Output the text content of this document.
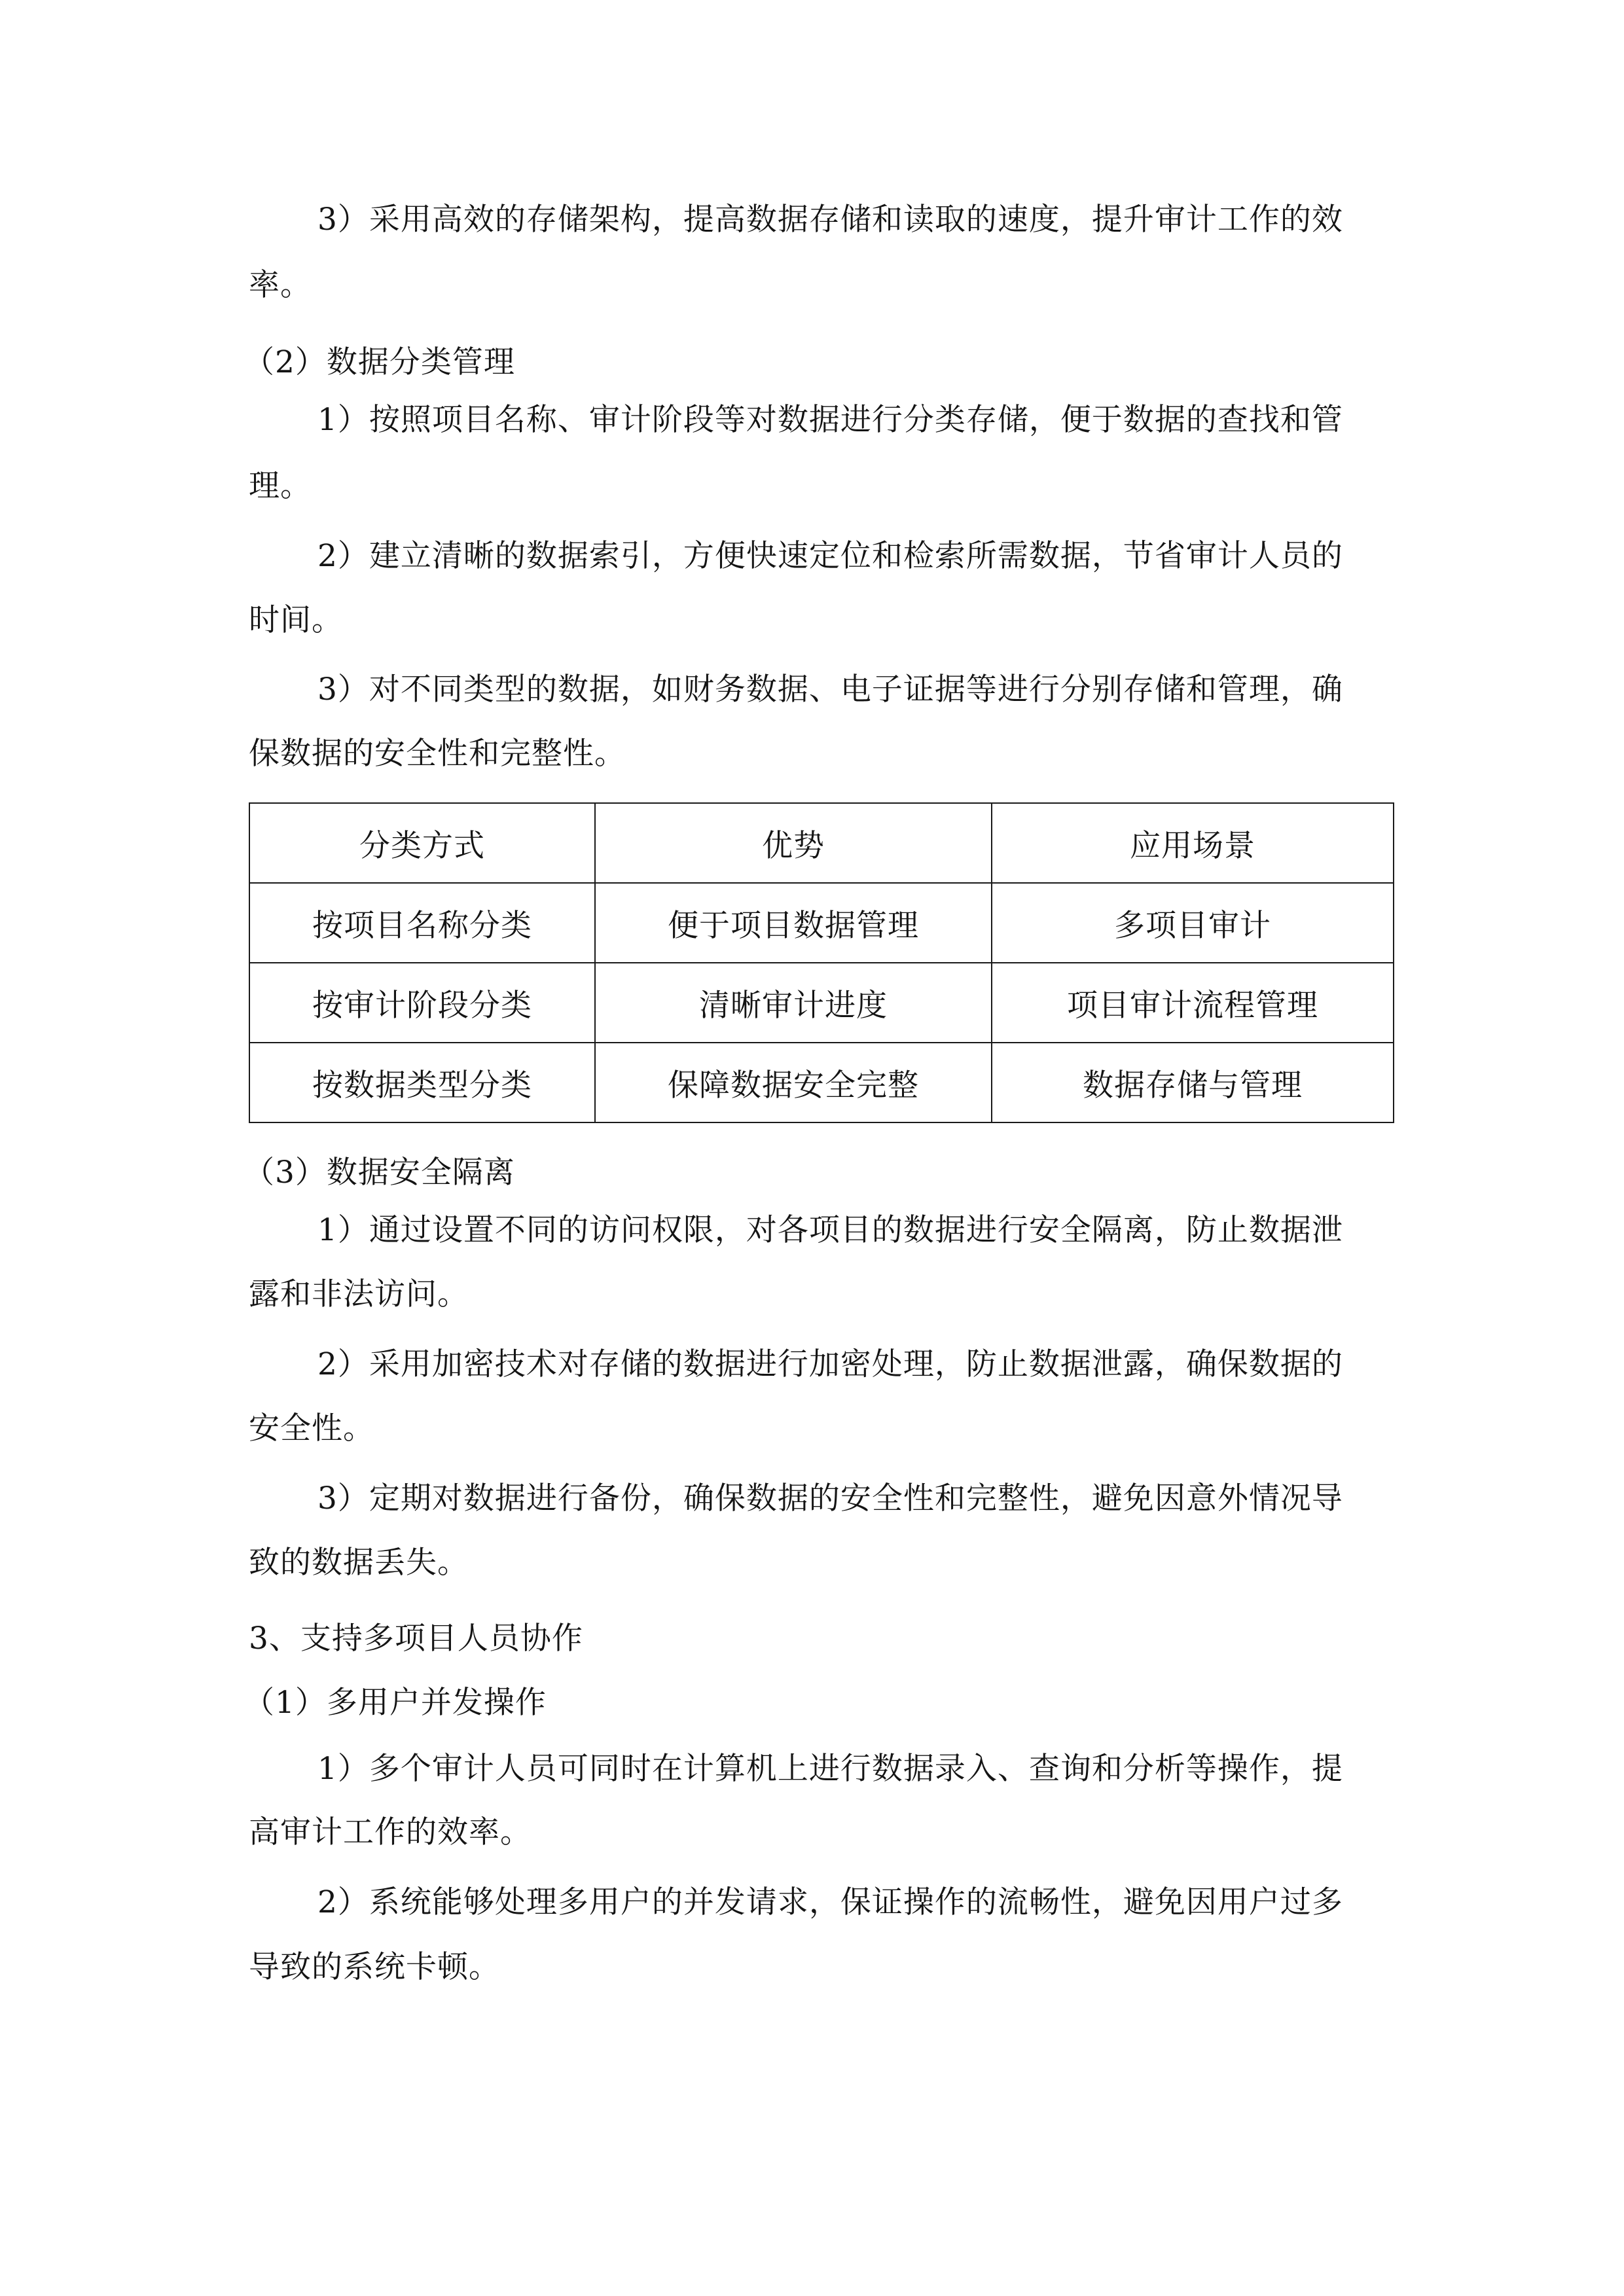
3）采用高效的存储架构，提高数据存储和读取的速度，提升审计工作的效
率。
（2）数据分类管理
1）按照项目名称、审计阶段等对数据进行分类存储，便于数据的查找和管
理。
2）建立清晰的数据索引，方便快速定位和检索所需数据，节省审计人员的
时间。
3）对不同类型的数据，如财务数据、电子证据等进行分别存储和管理，确
保数据的安全性和完整性。
分类方式	优势	应用场景
按项目名称分类	便于项目数据管理	多项目审计
按审计阶段分类	清晰审计进度	项目审计流程管理
按数据类型分类	保障数据安全完整	数据存储与管理
（3）数据安全隔离
1）通过设置不同的访问权限，对各项目的数据进行安全隔离，防止数据泄
露和非法访问。
2）采用加密技术对存储的数据进行加密处理，防止数据泄露，确保数据的
安全性。
3）定期对数据进行备份，确保数据的安全性和完整性，避免因意外情况导
致的数据丢失。
3、支持多项目人员协作
（1）多用户并发操作
1）多个审计人员可同时在计算机上进行数据录入、查询和分析等操作，提
高审计工作的效率。
2）系统能够处理多用户的并发请求，保证操作的流畅性，避免因用户过多
导致的系统卡顿。
